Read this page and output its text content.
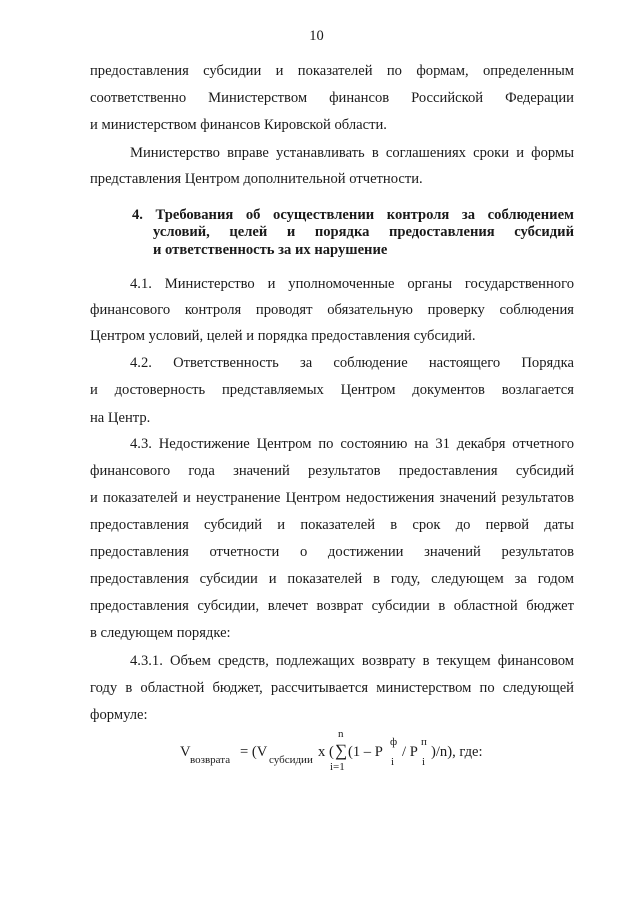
10
предоставления субсидии и показателей по формам, определенным
соответственно Министерством финансов Российской Федерации
и министерством финансов Кировской области.
Министерство вправе устанавливать в соглашениях сроки и формы
представления Центром дополнительной отчетности.
4. Требования об осуществлении контроля за соблюдением
условий, целей и порядка предоставления субсидий
и ответственность за их нарушение
4.1. Министерство и уполномоченные органы государственного
финансового контроля проводят обязательную проверку соблюдения
Центром условий, целей и порядка предоставления субсидий.
4.2. Ответственность за соблюдение настоящего Порядка
и достоверность представляемых Центром документов возлагается
на Центр.
4.3. Недостижение Центром по состоянию на 31 декабря отчетного
финансового года значений результатов предоставления субсидий
и показателей и неустранение Центром недостижения значений результатов
предоставления субсидий и показателей в срок до первой даты
предоставления отчетности о достижении значений результатов
предоставления субсидии и показателей в году, следующем за годом
предоставления субсидии, влечет возврат субсидии в областной бюджет
в следующем порядке:
4.3.1. Объем средств, подлежащих возврату в текущем финансовом
году в областной бюджет, рассчитывается министерством по следующей
формуле:
V возврата = (V субсидии x (
n
∑
i=1
(1 – P
ф
i
/ P
п
i
)/n), где:
